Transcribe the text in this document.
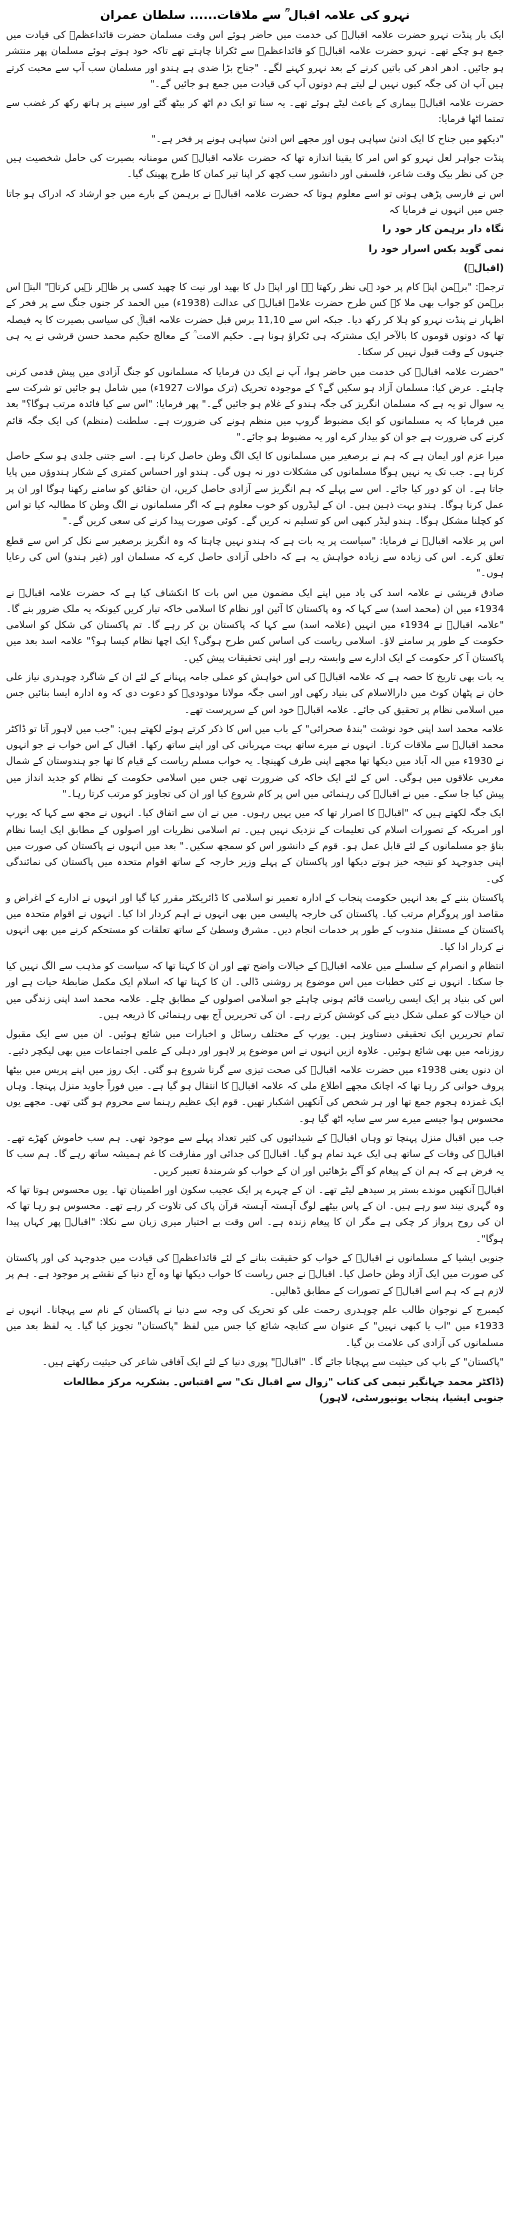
نہرو کی علامہ اقبال ؒ سے ملاقات...... سلطان عمران

ایک بار پنڈت نہرو حضرت علامہ اقبالؒ کی خدمت میں حاضر ہوئے اس وقت مسلمان حضرت قائداعظمؒ کی قیادت میں جمع ہو چکے تھے۔ نہرو حضرت علامہ اقبالؒ کو قائداعظمؒ سے ٹکرانا چاہتے تھے تاکہ خود ہوتے ہوئے مسلمان پھر منتشر ہو جائیں۔ ادھر ادھر کی باتیں کرنے کے بعد نہرو کہنے لگے۔ "جناح بڑا ضدی ہے ہندو اور مسلمان سب آپ سے محبت کرتے ہیں آپ ان کی جگہ کیوں نہیں لے لیتے ہم دونوں آپ کی قیادت میں جمع ہو جائیں گے۔"

حضرت علامہ اقبالؒ بیماری کے باعث لیٹے ہوئے تھے۔ یہ سنا تو ایک دم اٹھ کر بیٹھ گئے اور سینے پر ہاتھ رکھ کر غضب سے تمتما اٹھا فرمایا:

"دیکھو میں جناح کا ایک ادنیٰ سپاہی ہوں اور مجھے اس ادنیٰ سپاہی ہونے پر فخر ہے۔"

پنڈت جواہر لعل نہرو کو اس امر کا یقینا اندازہ تھا کہ حضرت علامہ اقبالؒ کس مومنانہ بصیرت کی حامل شخصیت ہیں جن کی نظر بیک وقت شاعر، فلسفی اور دانشور سب کچھ کر اپنا تیر کمان کا طرح پھینک گیا۔

اس نے فارسی پڑھی ہوتی تو اسے معلوم ہوتا کہ حضرت علامہ اقبالؒ نے برہمن کے بارے میں جو ارشاد کہ ادراک ہو جاتا جس میں انہوں نے فرمایا کہ

نگاہ دار برہمن کار خود را
نمی گوید بکس اسرار خود را
(اقبالؒ)

ترجمہ: "برہمن اپنے کام پر خود ہی نظر رکھتا ہے اور اپنے دل کا بھید اور نیت کا چھید کسی پر ظاہر نہیں کرتا۔" البتہ اس برہمن کو جواب بھی ملا کہ کس طرح حضرت علامہ اقبالؒ کی عدالت (1938ء) میں الحمد کر جنوں جنگ سے پر فخر کے اظہار نے پنڈت نہرو کو ہلا کر رکھ دیا۔ جبکہ اس سے 11,10 برس قبل حضرت علامہ اقبالؒ کی سیاسی بصیرت کا یہ فیصلہ تھا کہ دونوں قوموں کا بالآخر ایک مشترکہ ہی ٹکراؤ ہونا ہے۔ حکیم الامت ؒ کے معالج حکیم محمد حسن قرشی نے یہ ہی جنہوں کے وقت قبول نہیں کر سکتا۔

"حضرت علامہ اقبالؒ کی خدمت میں حاضر ہوا، آپ نے ایک دن فرمایا کہ مسلمانوں کو جنگ آزادی میں پیش قدمی کرنی چاہئے۔ عرض کیا: مسلمان آزاد ہو سکیں گے؟ کے موجودہ تحریک (ترک موالات 1927ء) میں شامل ہو جائیں تو شرکت سے یہ سوال تو یہ ہے کہ مسلمان انگریز کی جگہ ہندو کے غلام ہو جائیں گے۔" پھر فرمایا: "اس سے کیا فائدہ مرتب ہوگا؟" بعد میں فرمایا کہ یہ مسلمانوں کو ایک مضبوط گروپ میں منظم ہونے کی ضرورت ہے۔ سلطنت (منظم) کی ایک جگہ قائم کرنے کی ضرورت ہے جو ان کو بیدار کرے اور یہ مضبوط ہو جائے۔"

میرا عزم اور ایمان ہے کہ ہم نے برصغیر میں مسلمانوں کا ایک الگ وطن حاصل کرنا ہے۔ اسے جتنی جلدی ہو سکے حاصل کرنا ہے۔ جب تک یہ نہیں ہوگا مسلمانوں کی مشکلات دور نہ ہوں گی۔ ہندو اور احساس کمتری کے شکار ہندوؤں میں پایا جاتا ہے۔ ان کو دور کیا جائے۔ اس سے پہلے کہ ہم انگریز سے آزادی حاصل کریں، ان حقائق کو سامنے رکھنا ہوگا اور ان پر عمل کرنا ہوگا۔ ہندو بہت ذہین ہیں۔ ان کے لیڈروں کو خوب معلوم ہے کہ اگر مسلمانوں نے الگ وطن کا مطالبہ کیا تو اس کو کچلنا مشکل ہوگا۔ ہندو لیڈر کبھی اس کو تسلیم نہ کریں گے۔ کوئی صورت پیدا کرنے کی سعی کریں گے۔"

اس پر علامہ اقبالؒ نے فرمایا: "سیاست پر یہ بات ہے کہ ہندو نہیں چاہتا کہ وہ انگریز برصغیر سے نکل کر اس سے قطع تعلق کرے۔ اس کی زیادہ سے زیادہ خواہش یہ ہے کہ داخلی آزادی حاصل کرے کہ مسلمان اور (غیر ہندو) اس کی رعایا ہوں۔"

صادق قریشی نے علامہ اسد کی یاد میں اپنے ایک مضمون میں اس بات کا انکشاف کیا ہے کہ حضرت علامہ اقبالؒ نے 1934ء میں ان (محمد اسد) سے کہا کہ وہ پاکستان کا آئین اور نظام کا اسلامی خاکہ تیار کریں کیونکہ یہ ملک ضرور بنے گا۔ "علامہ اقبالؒ نے 1934ء میں انہیں (علامہ اسد) سے کہا کہ پاکستان بن کر رہے گا۔ تم پاکستان کی شکل کو اسلامی حکومت کے طور پر سامنے لاؤ۔ اسلامی ریاست کی اساس کس طرح ہوگی؟ ایک اچھا نظام کیسا ہو؟" علامہ اسد بعد میں پاکستان آ کر حکومت کے ایک ادارے سے وابستہ رہے اور اپنی تحقیقات پیش کیں۔

یہ بات بھی تاریخ کا حصہ ہے کہ علامہ اقبالؒ کی اس خواہش کو عملی جامہ پہنانے کے لئے ان کے شاگرد چوہدری نیاز علی خان نے پٹھان کوٹ میں دارالاسلام کی بنیاد رکھی اور اسی جگہ مولانا مودودیؒ کو دعوت دی کہ وہ ادارہ ایسا بنائیں جس میں اسلامی نظام پر تحقیق کی جائے۔ علامہ اقبالؒ خود اس کے سرپرست تھے۔

علامہ محمد اسد اپنی خود نوشت "بندۂ صحرائی" کے باب میں اس کا ذکر کرتے ہوئے لکھتے ہیں: "جب میں لاہور آتا تو ڈاکٹر محمد اقبالؒ سے ملاقات کرتا۔ انہوں نے میرے ساتھ بہت مہربانی کی اور اپنے ساتھ رکھا۔ اقبال کے اس خواب نے جو انہوں نے 1930ء میں الہ آباد میں دیکھا تھا مجھے اپنی طرف کھینچا۔ یہ خواب مسلم ریاست کے قیام کا تھا جو ہندوستان کے شمال مغربی علاقوں میں ہوگی۔ اس کے لئے ایک خاکہ کی ضرورت تھی جس میں اسلامی حکومت کے نظام کو جدید انداز میں پیش کیا جا سکے۔ میں نے اقبالؒ کی رہنمائی میں اس پر کام شروع کیا اور ان کی تجاویز کو مرتب کرتا رہا۔"

ایک جگہ لکھتے ہیں کہ "اقبالؒ کا اصرار تھا کہ میں یہیں رہوں۔ میں نے ان سے اتفاق کیا۔ انہوں نے مجھ سے کہا کہ یورپ اور امریکہ کے تصورات اسلام کی تعلیمات کے نزدیک نہیں ہیں۔ تم اسلامی نظریات اور اصولوں کے مطابق ایک ایسا نظام بناؤ جو مسلمانوں کے لئے قابل عمل ہو۔ قوم کے دانشور اس کو سمجھ سکیں۔" بعد میں انہوں نے پاکستان کی صورت میں اپنی جدوجہد کو نتیجہ خیز ہوتے دیکھا اور پاکستان کے پہلے وزیر خارجہ کے ساتھ اقوام متحدہ میں پاکستان کی نمائندگی کی۔

پاکستان بننے کے بعد انہیں حکومت پنجاب کے ادارہ تعمیر نو اسلامی کا ڈائریکٹر مقرر کیا گیا اور انہوں نے ادارے کے اغراض و مقاصد اور پروگرام مرتب کیا۔ پاکستان کی خارجہ پالیسی میں بھی انہوں نے اہم کردار ادا کیا۔ انہوں نے اقوام متحدہ میں پاکستان کے مستقل مندوب کے طور پر خدمات انجام دیں۔ مشرق وسطیٰ کے ساتھ تعلقات کو مستحکم کرنے میں بھی انہوں نے کردار ادا کیا۔

انتظام و انصرام کے سلسلے میں علامہ اقبالؒ کے خیالات واضح تھے اور ان کا کہنا تھا کہ سیاست کو مذہب سے الگ نہیں کیا جا سکتا۔ انہوں نے کئی خطبات میں اس موضوع پر روشنی ڈالی۔ ان کا کہنا تھا کہ اسلام ایک مکمل ضابطۂ حیات ہے اور اس کی بنیاد پر ایک ایسی ریاست قائم ہونی چاہئے جو اسلامی اصولوں کے مطابق چلے۔ علامہ محمد اسد اپنی زندگی میں ان خیالات کو عملی شکل دینے کی کوشش کرتے رہے۔ ان کی تحریریں آج بھی رہنمائی کا ذریعہ ہیں۔

تمام تحریریں ایک تحقیقی دستاویز ہیں۔ یورپ کے مختلف رسائل و اخبارات میں شائع ہوئیں۔ ان میں سے ایک مقبول روزنامہ میں بھی شائع ہوئیں۔ علاوہ ازیں انہوں نے اس موضوع پر لاہور اور دہلی کے علمی اجتماعات میں بھی لیکچر دئیے۔

ان دنوں یعنی 1938ء میں حضرت علامہ اقبالؒ کی صحت تیزی سے گرنا شروع ہو گئی۔ ایک روز میں اپنے پریس میں بیٹھا پروف خوانی کر رہا تھا کہ اچانک مجھے اطلاع ملی کہ علامہ اقبالؒ کا انتقال ہو گیا ہے۔ میں فوراً جاوید منزل پہنچا۔ وہاں ایک غمزدہ ہجوم جمع تھا اور ہر شخص کی آنکھیں اشکبار تھیں۔ قوم ایک عظیم رہنما سے محروم ہو گئی تھی۔ مجھے یوں محسوس ہوا جیسے میرے سر سے سایہ اٹھ گیا ہو۔

جب میں اقبال منزل پہنچا تو وہاں اقبالؒ کے شیدائیوں کی کثیر تعداد پہلے سے موجود تھی۔ ہم سب خاموش کھڑے تھے۔ اقبالؒ کی وفات کے ساتھ ہی ایک عہد تمام ہو گیا۔ اقبالؒ کی جدائی اور مفارقت کا غم ہمیشہ ساتھ رہے گا۔ ہم سب کا یہ فرض ہے کہ ہم ان کے پیغام کو آگے بڑھائیں اور ان کے خواب کو شرمندۂ تعبیر کریں۔

اقبالؒ آنکھیں موندے بستر پر سیدھے لیٹے تھے۔ ان کے چہرے پر ایک عجیب سکون اور اطمینان تھا۔ یوں محسوس ہوتا تھا کہ وہ گہری نیند سو رہے ہیں۔ ان کے پاس بیٹھے لوگ آہستہ آہستہ قرآن پاک کی تلاوت کر رہے تھے۔ محسوس ہو رہا تھا کہ ان کی روح پرواز کر چکی ہے مگر ان کا پیغام زندہ ہے۔ اس وقت بے اختیار میری زبان سے نکلا: "اقبالؒ پھر کہاں پیدا ہوگا"۔

جنوبی ایشیا کے مسلمانوں نے اقبالؒ کے خواب کو حقیقت بنانے کے لئے قائداعظمؒ کی قیادت میں جدوجہد کی اور پاکستان کی صورت میں ایک آزاد وطن حاصل کیا۔ اقبالؒ نے جس ریاست کا خواب دیکھا تھا وہ آج دنیا کے نقشے پر موجود ہے۔ ہم پر لازم ہے کہ ہم اسے اقبالؒ کے تصورات کے مطابق ڈھالیں۔

کیمبرج کے نوجوان طالب علم چوہدری رحمت علی کو تحریک کی وجہ سے دنیا نے پاکستان کے نام سے پہچانا۔ انہوں نے 1933ء میں "اب یا کبھی نہیں" کے عنوان سے کتابچہ شائع کیا جس میں لفظ "پاکستان" تجویز کیا گیا۔ یہ لفظ بعد میں مسلمانوں کی آزادی کی علامت بن گیا۔

"پاکستان" کے باپ کی حیثیت سے پہچانا جائے گا۔ "اقبالؒ" پوری دنیا کے لئے ایک آفاقی شاعر کی حیثیت رکھتے ہیں۔

(ڈاکٹر محمد جہانگیر تیمی کی کتاب "زوال سے اقبال تک" سے اقتباس۔ بشکریہ مرکز مطالعات
جنوبی ایشیا، پنجاب یونیورسٹی، لاہور)
